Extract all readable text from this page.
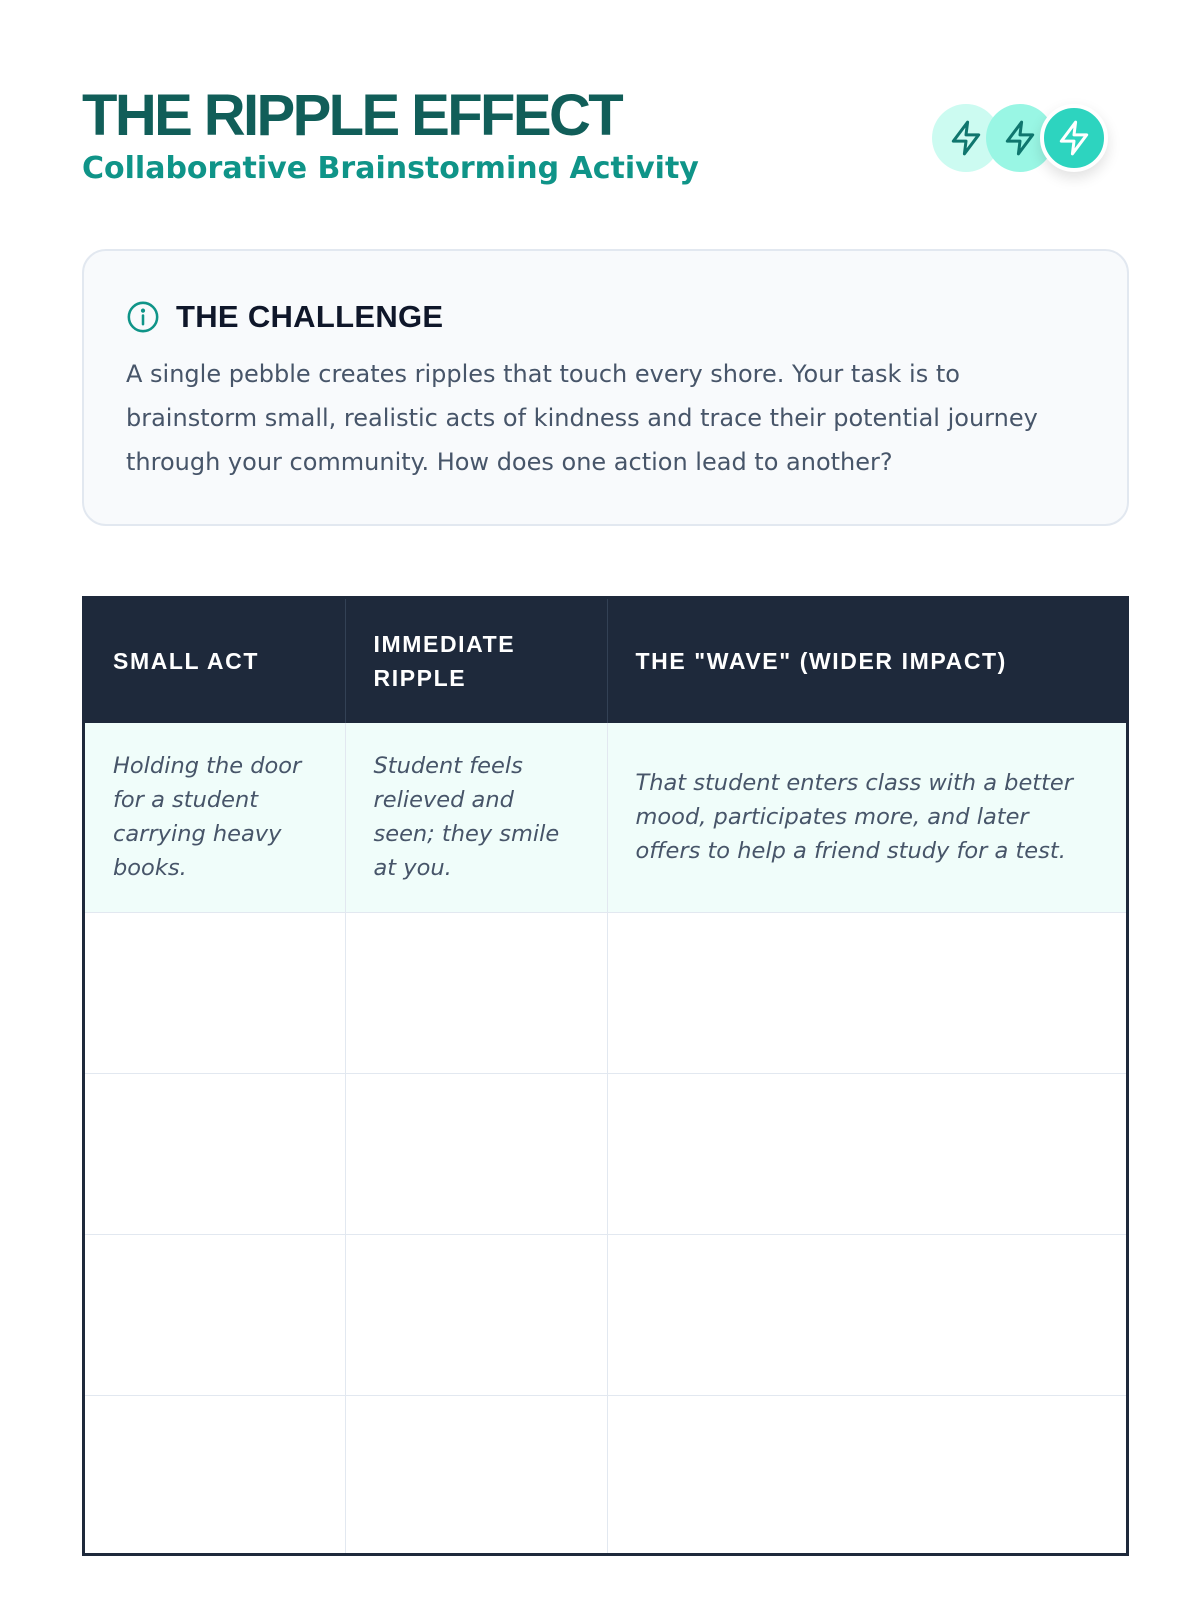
THE RIPPLE EFFECT
Collaborative Brainstorming Activity
THE CHALLENGE

A single pebble creates ripples that touch every shore. Your task is to brainstorm small, realistic acts of kindness and trace their potential journey through your community. How does one action lead to another?

SMALL ACT	IMMEDIATE RIPPLE	THE "WAVE" (WIDER IMPACT)
Holding the door for a student carrying heavy books.	Student feels relieved and seen; they smile at you.	That student enters class with a better mood, participates more, and later offers to help a friend study for a test.
